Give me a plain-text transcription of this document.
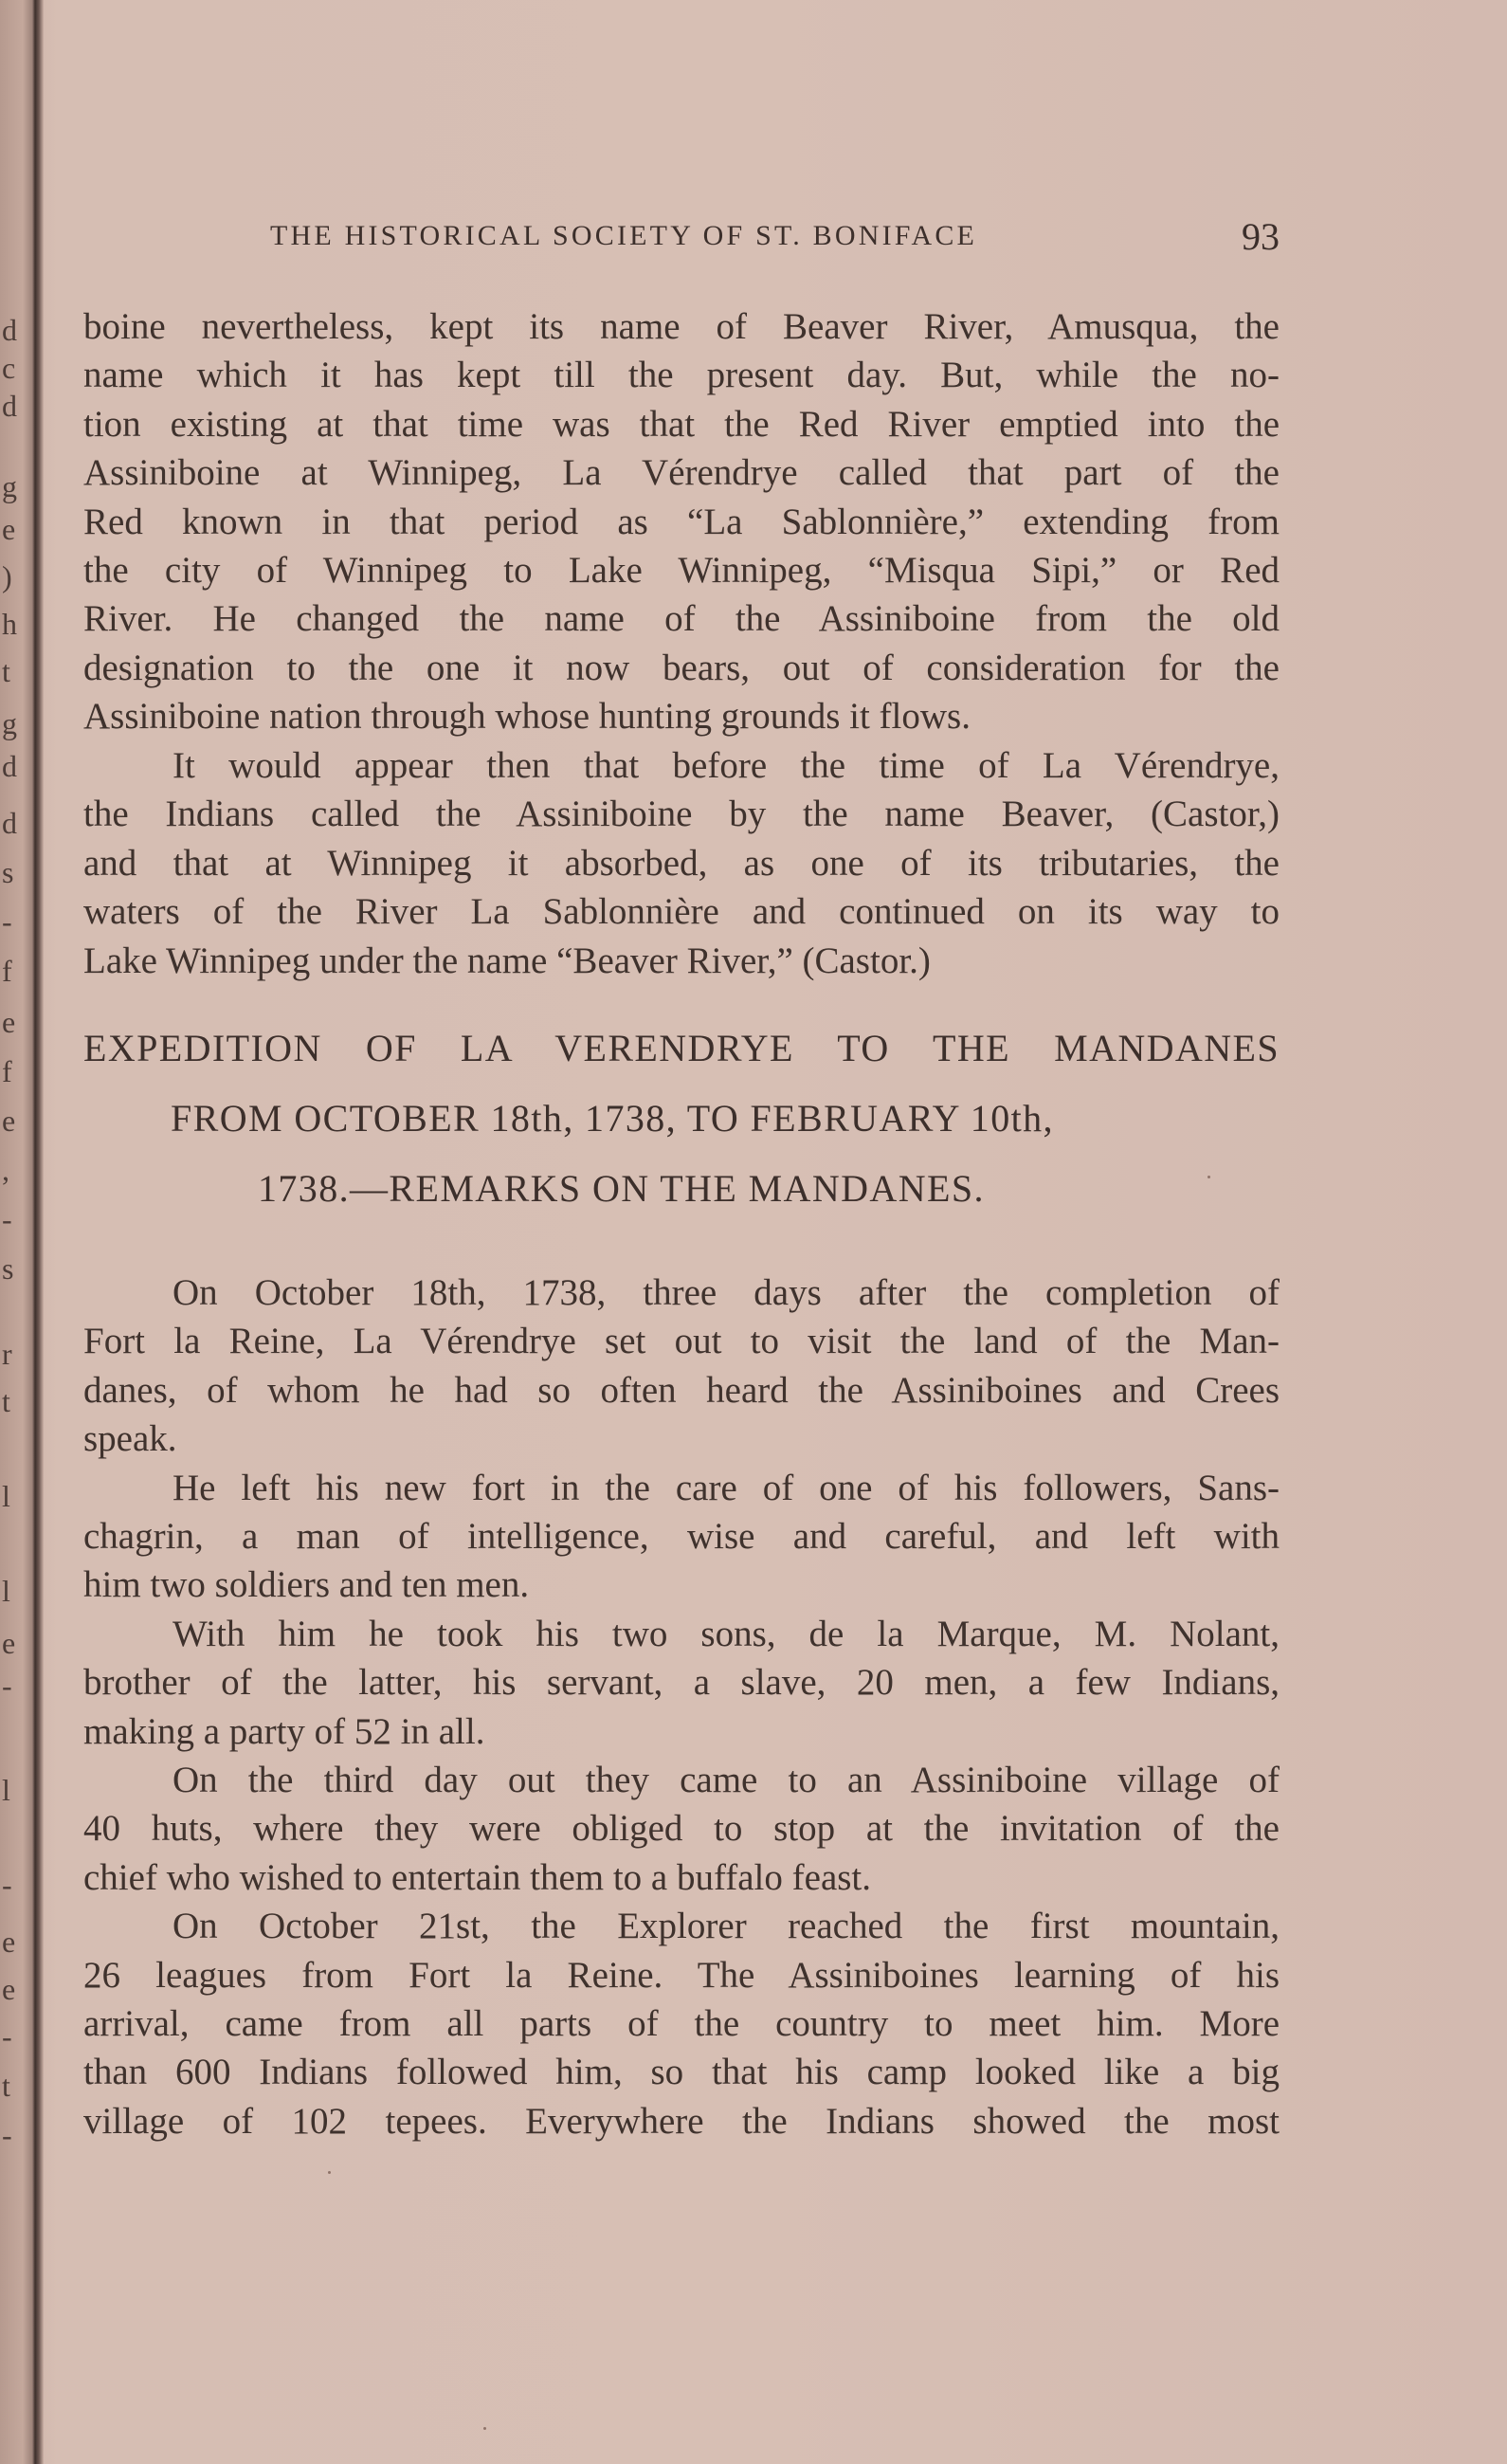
d
c
d
g
e
)
h
t
g
d
d
s
-
f
e
f
e
,
-
s
r
t
l
l
e
-
l
-
e
e
-
t
-
THE HISTORICAL SOCIETY OF ST. BONIFACE	93
boine nevertheless, kept its name of Beaver River, Amusqua, the
name which it has kept till the present day. But, while the no-
tion existing at that time was that the Red River emptied into the
Assiniboine at Winnipeg, La Vérendrye called that part of the
Red known in that period as “La Sablonnière,” extending from
the city of Winnipeg to Lake Winnipeg, “Misqua Sipi,” or Red
River. He changed the name of the Assiniboine from the old
designation to the one it now bears, out of consideration for the
Assiniboine nation through whose hunting grounds it flows.
It would appear then that before the time of La Vérendrye,
the Indians called the Assiniboine by the name Beaver, (Castor,)
and that at Winnipeg it absorbed, as one of its tributaries, the
waters of the River La Sablonnière and continued on its way to
Lake Winnipeg under the name “Beaver River,” (Castor.)
EXPEDITION OF LA VERENDRYE TO THE MANDANES
FROM OCTOBER 18th, 1738, TO FEBRUARY 10th,
1738.—REMARKS ON THE MANDANES.
On October 18th, 1738, three days after the completion of
Fort la Reine, La Vérendrye set out to visit the land of the Man-
danes, of whom he had so often heard the Assiniboines and Crees
speak.
He left his new fort in the care of one of his followers, Sans-
chagrin, a man of intelligence, wise and careful, and left with
him two soldiers and ten men.
With him he took his two sons, de la Marque, M. Nolant,
brother of the latter, his servant, a slave, 20 men, a few Indians,
making a party of 52 in all.
On the third day out they came to an Assiniboine village of
40 huts, where they were obliged to stop at the invitation of the
chief who wished to entertain them to a buffalo feast.
On October 21st, the Explorer reached the first mountain,
26 leagues from Fort la Reine. The Assiniboines learning of his
arrival, came from all parts of the country to meet him. More
than 600 Indians followed him, so that his camp looked like a big
village of 102 tepees. Everywhere the Indians showed the most
